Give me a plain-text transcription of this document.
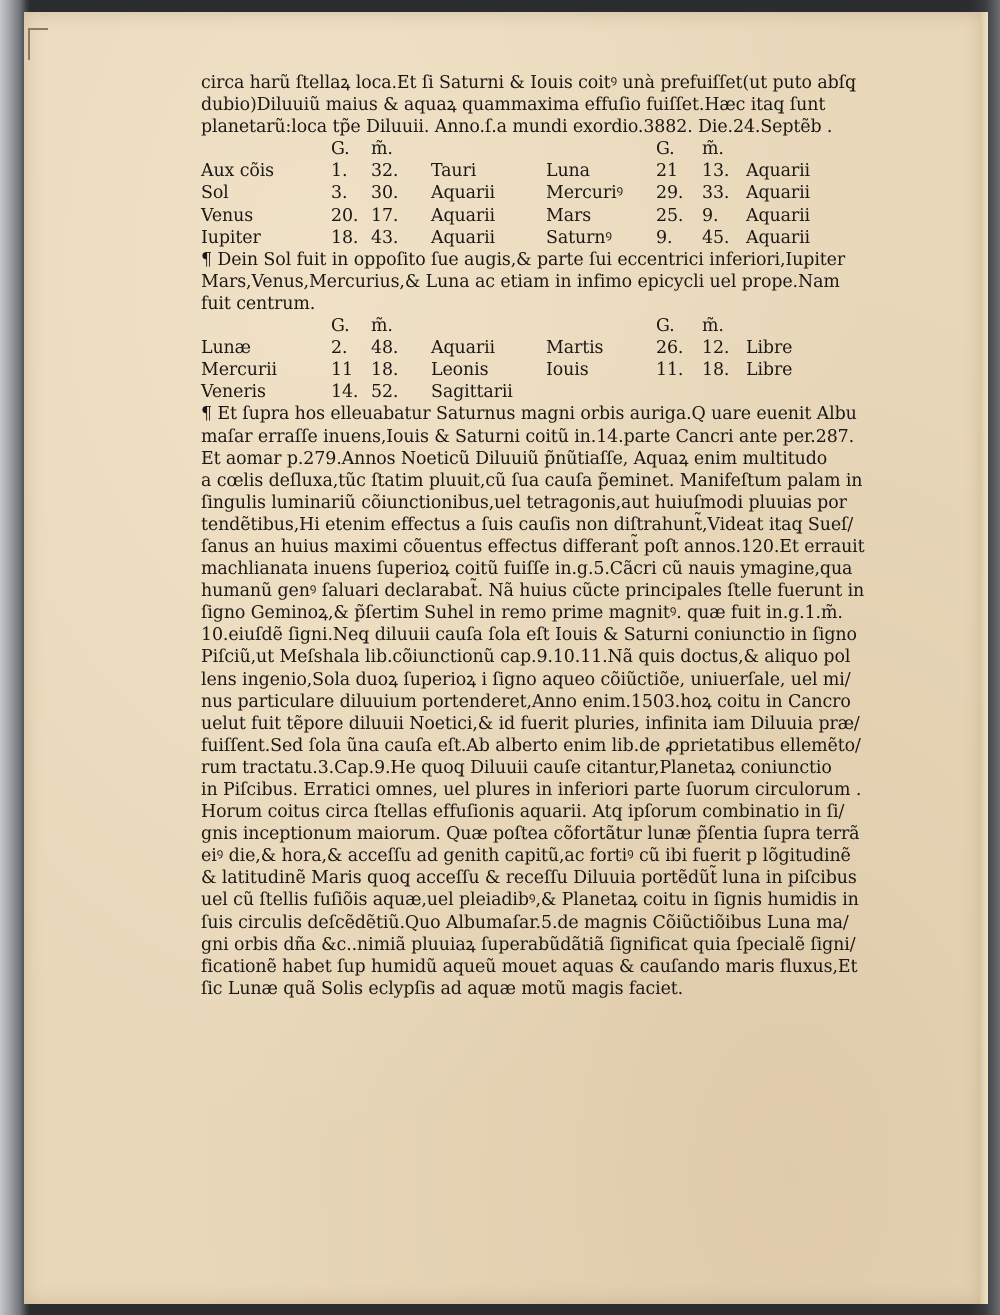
circa harũ ſtellaꝝ loca.Et ſi Saturni & Iouis coitꝰ unà prefuiſſet(ut puto abſq̧

dubio)Diluuiũ maius & aquaꝝ quammaxima effuſio fuiſſet.Hæc itaq̧ ſunt

planetarũ:loca tp̃e Diluuii. Anno.ſ.a mundi exordio.3882. Die.24.Septẽb .

	G.	m̃.			G.	m̃.	
Aux cõis	1.	32.	Tauri	Luna	21	13.	Aquarii
Sol	3.	30.	Aquarii	Mercuriꝰ	29.	33.	Aquarii
Venus	20.	17.	Aquarii	Mars	25.	9.	Aquarii
Iupiter	18.	43.	Aquarii	Saturnꝰ	9.	45.	Aquarii

¶ Dein Sol fuit in oppoſito ſue augis,& parte ſui eccentrici inferiori,Iupiter

Mars,Venus,Mercurius,& Luna ac etiam in infimo epicycli uel prope.Nam

fuit centrum.

	G.	m̃.			G.	m̃.	
Lunæ	2.	48.	Aquarii	Martis	26.	12.	Libre
Mercurii	11	18.	Leonis	Iouis	11.	18.	Libre
Veneris	14.	52.	Sagittarii				

¶ Et ſupra hos elleuabatur Saturnus magni orbis auriga.Q uare euenit Albu

maſar erraſſe inuens,Iouis & Saturni coitũ in.14.parte Cancri ante per.287.

Et aomar p.279.Annos Noeticũ Diluuiũ p̃nũtiaſſe, Aquaꝝ enim multitudo

a cœlis deſluxa,tũc ſtatim pluuit,cũ ſua cauſa p̃eminet. Manifeſtum palam in

ſingulis luminariũ cõiunctionibus,uel tetragonis,aut huiuſmodi pluuias por

tendẽtibus,Hi etenim effectus a ſuis cauſis non diſtrahunt̃,Videat itaq̧ Sueſ/

ſanus an huius maximi cõuentus effectus differant̃ poſt annos.120.Et errauit

machlianata inuens ſuperioꝝ coitũ fuiſſe in.g.5.Cãcri cũ nauis ymagine,qua

humanũ genꝰ ſaluari declarabat̃. Nã huius cũcte principales ſtelle fuerunt in

ſigno Geminoꝝ,& p̃ſertim Suhel in remo prime magnitꝰ. quæ fuit in.g.1.m̃.

10.eiuſdẽ ſigni.Neq̧ diluuii cauſa ſola eſt Iouis & Saturni coniunctio in ſigno

Piſciũ,ut Meſshala lib.cõiunctionũ cap.9.10.11.Nã quis doctus,& aliquo pol

lens ingenio,Sola duoꝝ ſuperioꝝ i ſigno aqueo cõiũctiõe, uniuerſale, uel mi/

nus particulare diluuium portenderet,Anno enim.1503.hoꝝ coitu in Cancro

uelut fuit tẽpore diluuii Noetici,& id fuerit pluries, infinita iam Diluuia præ/

fuiſſent.Sed ſola ũna cauſa eſt.Ab alberto enim lib.de ꝓprietatibus ellemẽto/

rum tractatu.3.Cap.9.He quoq̧ Diluuii cauſe citantur,Planetaꝝ coniunctio

in Piſcibus. Erratici omnes, uel plures in inferiori parte ſuorum circulorum .

Horum coitus circa ſtellas effuſionis aquarii. Atq̧ ipſorum combinatio in ſi/

gnis inceptionum maiorum. Quæ poſtea cõfortãtur lunæ p̃ſentia ſupra terrã

eiꝰ die,& hora,& acceſſu ad genith capitũ,ac fortiꝰ cũ ibi fuerit p lõgitudinẽ

& latitudinẽ Maris quoq̧ acceſſu & receſſu Diluuia portẽdũt̃ luna in piſcibus

uel cũ ſtellis fuſiõis aquæ,uel pleiadibꝰ,& Planetaꝝ coitu in ſignis humidis in

ſuis circulis deſcẽdẽtiũ.Quo Albumaſar.5.de magnis Cõiũctiõibus Luna ma/

gni orbis dña &c..nimiã pluuiaꝝ ſuperabũdãtiã ſignificat quia ſpecialẽ ſigni/

ficationẽ habet ſup humidũ aqueũ mouet aquas & cauſando maris fluxus,Et

ſic Lunæ quã Solis eclypſis ad aquæ motũ magis faciet.
